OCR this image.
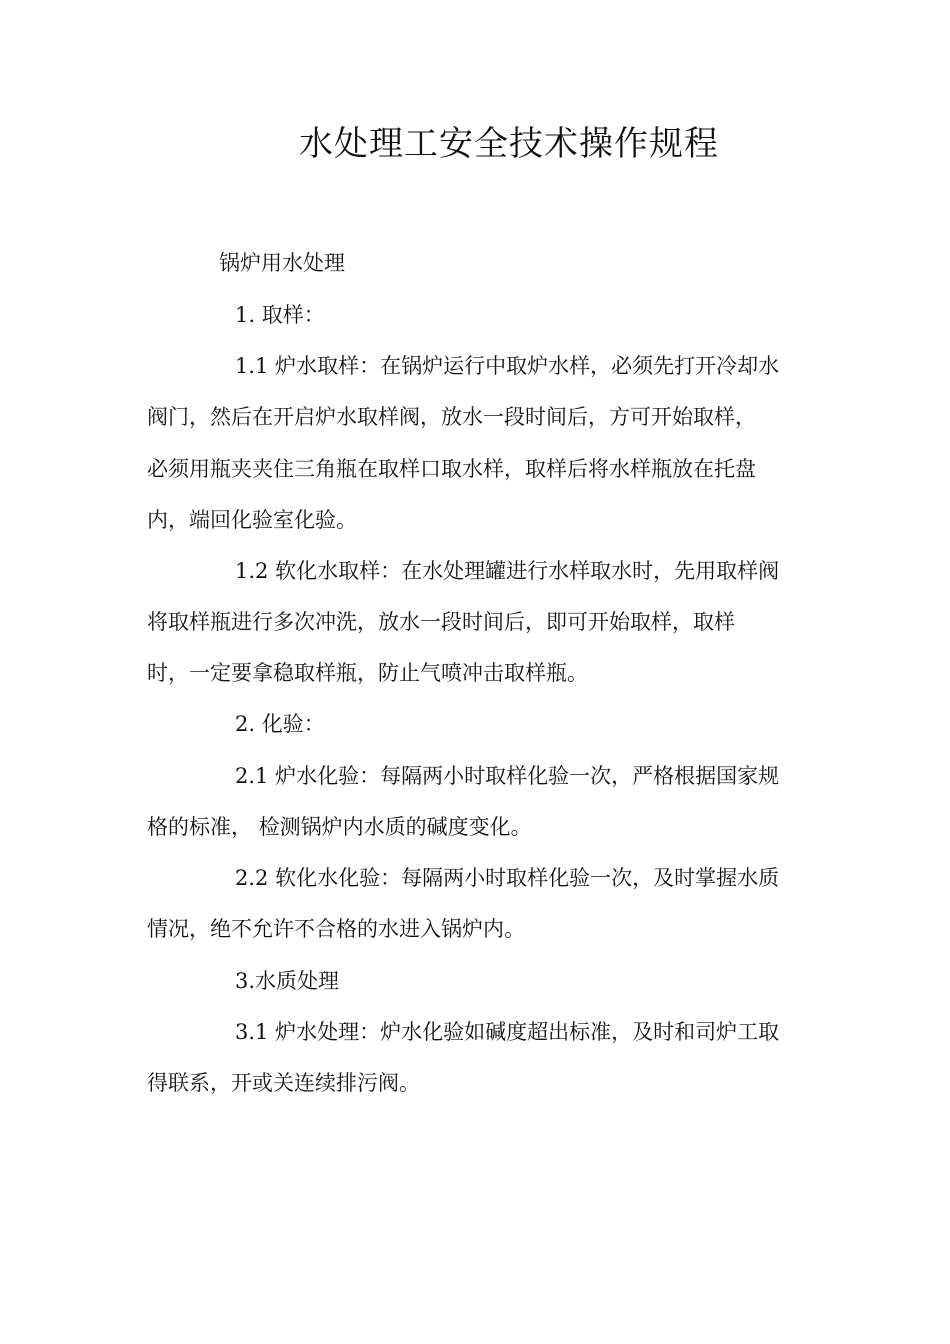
水处理工安全技术操作规程
锅炉用水处理
1. 取样：
1.1 炉水取样：在锅炉运行中取炉水样，必须先打开冷却水
阀门，然后在开启炉水取样阀，放水一段时间后，方可开始取样，
必须用瓶夹夹住三角瓶在取样口取水样，取样后将水样瓶放在托盘
内，端回化验室化验。
1.2 软化水取样：在水处理罐进行水样取水时，先用取样阀
将取样瓶进行多次冲洗，放水一段时间后，即可开始取样，取样
时，一定要拿稳取样瓶，防止气喷冲击取样瓶。
2. 化验：
2.1 炉水化验：每隔两小时取样化验一次，严格根据国家规
格的标准， 检测锅炉内水质的碱度变化。
2.2 软化水化验：每隔两小时取样化验一次，及时掌握水质
情况，绝不允许不合格的水进入锅炉内。
3.水质处理
3.1 炉水处理：炉水化验如碱度超出标准，及时和司炉工取
得联系，开或关连续排污阀。
